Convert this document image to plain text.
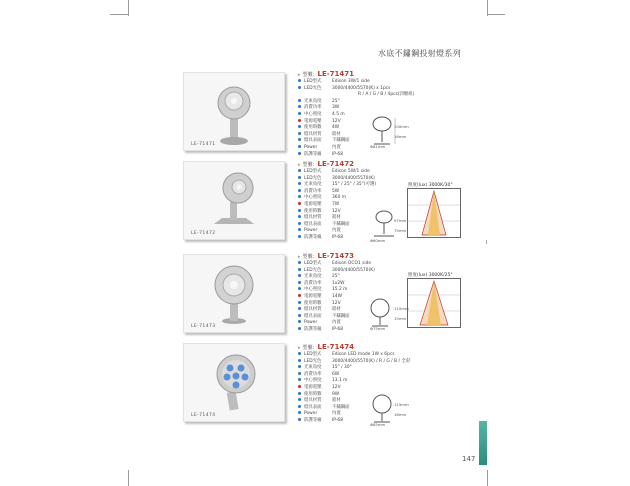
水底不鏽鋼投射燈系列
LE-71471
▸ 型號：LE-71471
LED型式 Edison 3W/1 side
LED光色 3000/4400/5570(K) x 1pcs
R / A / G / B / 4pcs(四顆組)
光束角度 25°
消費功率 3W
中心照度 4.5 m
電源電壓 12V
使用時數 4W
燈具材質 鋁材
燈具表面 不鏽鋼面
Power	內置
防護等級 IP-68
LE-71472
▸ 型號：LE-71472
LED型式 Edison 5W/1 side
LED光色 3000/4400/5570(K)
光束角度 15° / 25° / 35°(可選)
消費功率 5W
中心照度 360 m
電源電壓 7W
使用時數 12V
燈具材質 鋁材
燈具表面 不鏽鋼面
Power	內置
防護等級 IP-68
照度(lux) 3000K/30°
LE-71473
▸ 型號：LE-71473
LED型式 Edison OCO1 side
LED光色 3000/4400/5570(K)
光束角度 25°
消費功率 1x2W
中心照度 15.2 m
電源電壓 14W
使用時數 12V
燈具材質 鋁材
燈具表面 不鏽鋼面
Power	內置
防護等級 IP-68
照度(lux) 3000K/25°
LE-71474
▸ 型號：LE-71474
LED型式 Edison LED mode 1W x 6pcs
LED光色 3000/4400/5570(K) / R / G / B / 全彩
光束角度 15° / 30°
消費功率 6W
中心照度 13.1 m
電源電壓 12V
使用時數 9W
燈具材質 鋁材
燈具表面 不鏽鋼面
Power	內置
防護等級 IP-68
147
Φ81mm
100mm
16mm
Φ60mm
97mm
75mm
Φ75mm
110mm
15mm
Φ85mm
115mm
16mm
